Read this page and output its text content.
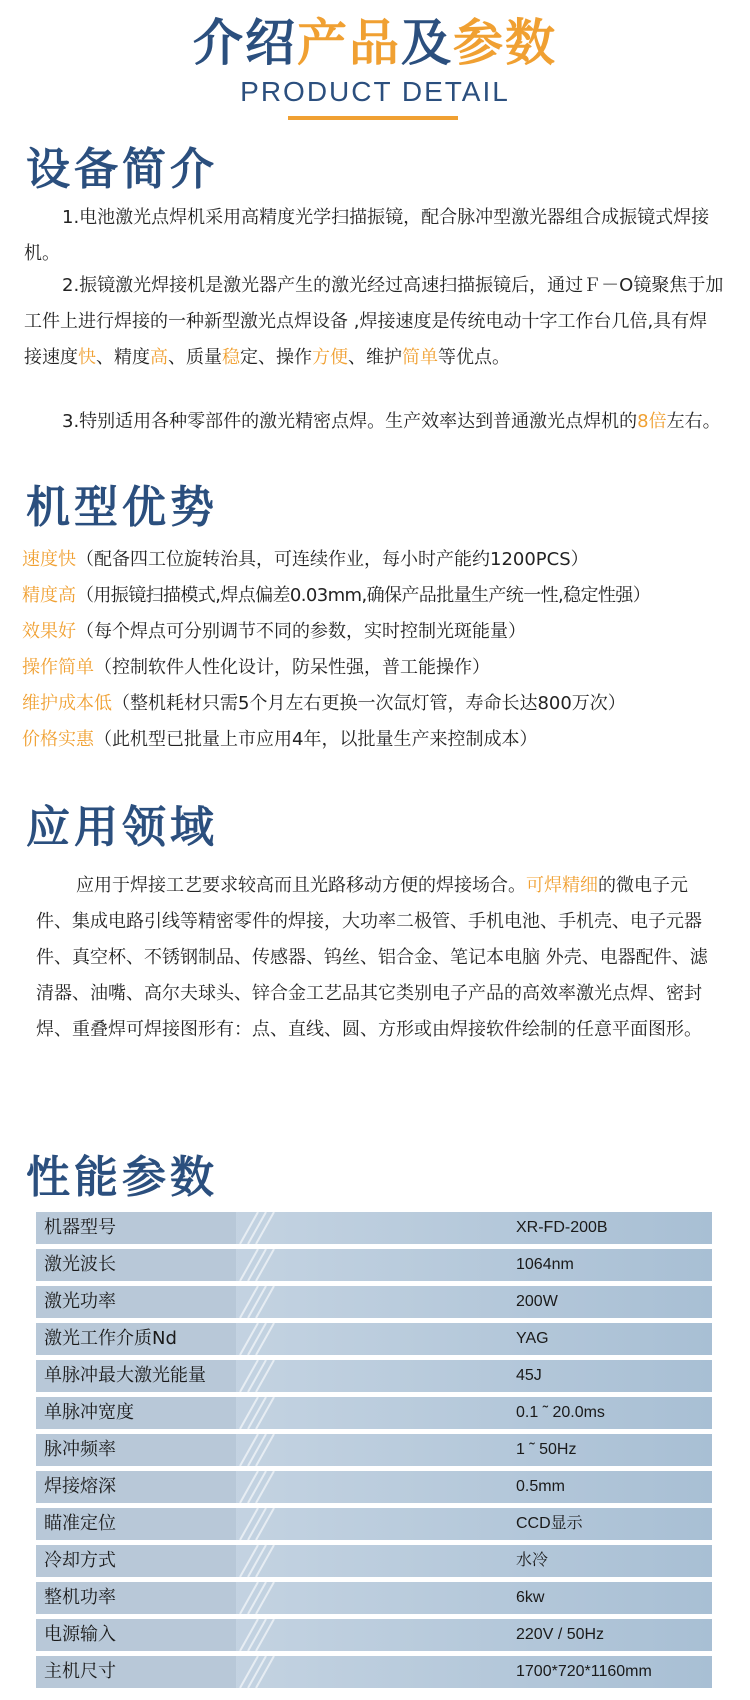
介绍产品及参数
PRODUCT DETAIL
设备简介
1.电池激光点焊机采用高精度光学扫描振镜，配合脉冲型激光器组合成振镜式焊接机。
2.振镜激光焊接机是激光器产生的激光经过高速扫描振镜后，通过Ｆ－Ο镜聚焦于加工件上进行焊接的一种新型激光点焊设备 ,焊接速度是传统电动十字工作台几倍,具有焊接速度快、精度高、质量稳定、操作方便、维护简单等优点。
3.特别适用各种零部件的激光精密点焊。生产效率达到普通激光点焊机的8倍左右。
机型优势
速度快（配备四工位旋转治具，可连续作业，每小时产能约1200PCS）
精度高（用振镜扫描模式,焊点偏差0.03mm,确保产品批量生产统一性,稳定性强）
效果好（每个焊点可分别调节不同的参数，实时控制光斑能量）
操作简单（控制软件人性化设计，防呆性强，普工能操作）
维护成本低（整机耗材只需5个月左右更换一次氙灯管，寿命长达800万次）
价格实惠（此机型已批量上市应用4年，以批量生产来控制成本）
应用领域
应用于焊接工艺要求较高而且光路移动方便的焊接场合。可焊精细的微电子元件、集成电路引线等精密零件的焊接，大功率二极管、手机电池、手机壳、电子元器件、真空杯、不锈钢制品、传感器、钨丝、铝合金、笔记本电脑 外壳、电器配件、滤清器、油嘴、高尔夫球头、锌合金工艺品其它类别电子产品的高效率激光点焊、密封焊、重叠焊可焊接图形有：点、直线、圆、方形或由焊接软件绘制的任意平面图形。
性能参数
机器型号	XR-FD-200B
激光波长	1064nm
激光功率	200W
激光工作介质Nd	YAG
单脉冲最大激光能量	45J
单脉冲宽度	0.1 ˜ 20.0ms
脉冲频率	1 ˜ 50Hz
焊接熔深	0.5mm
瞄准定位	CCD显示
冷却方式	水冷
整机功率	6kw
电源输入	220V / 50Hz
主机尺寸	1700*720*1160mm
